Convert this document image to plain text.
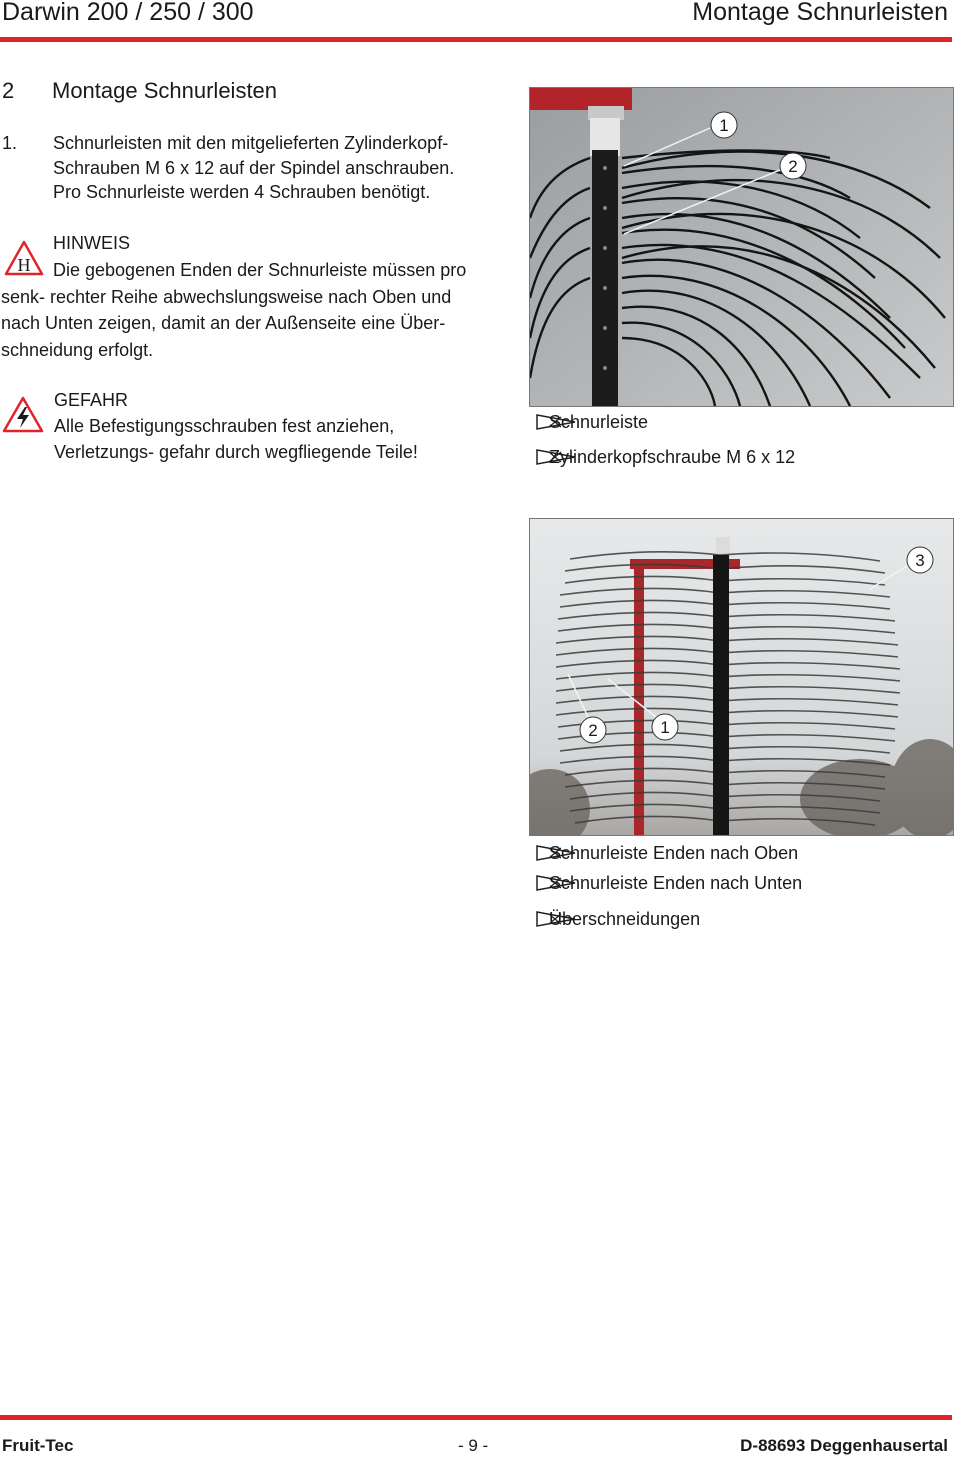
Darwin 200 / 250 / 300	Montage Schnurleisten
2 Montage Schnurleisten
1. Schnurleisten mit den mitgelieferten Zylinderkopf-
Schrauben M 6 x 12 auf der Spindel anschrauben.
Pro Schnurleiste werden 4 Schrauben benötigt.
H
HINWEIS
Die gebogenen Enden der Schnurleiste müssen pro
senk- rechter Reihe abwechslungsweise nach Oben und
nach Unten zeigen, damit an der Außenseite eine Über-
schneidung erfolgt.
GEFAHR
Alle Befestigungsschrauben fest anziehen,
Verletzungs- gefahr durch wegfliegende Teile!
1
2
Schnurleiste
Zylinderkopfschraube M 6 x 12
3
2	1
Schnurleiste Enden nach Oben
Schnurleiste Enden nach Unten
Überschneidungen
Fruit-Tec	- 9 -	D-88693 Deggenhausertal
